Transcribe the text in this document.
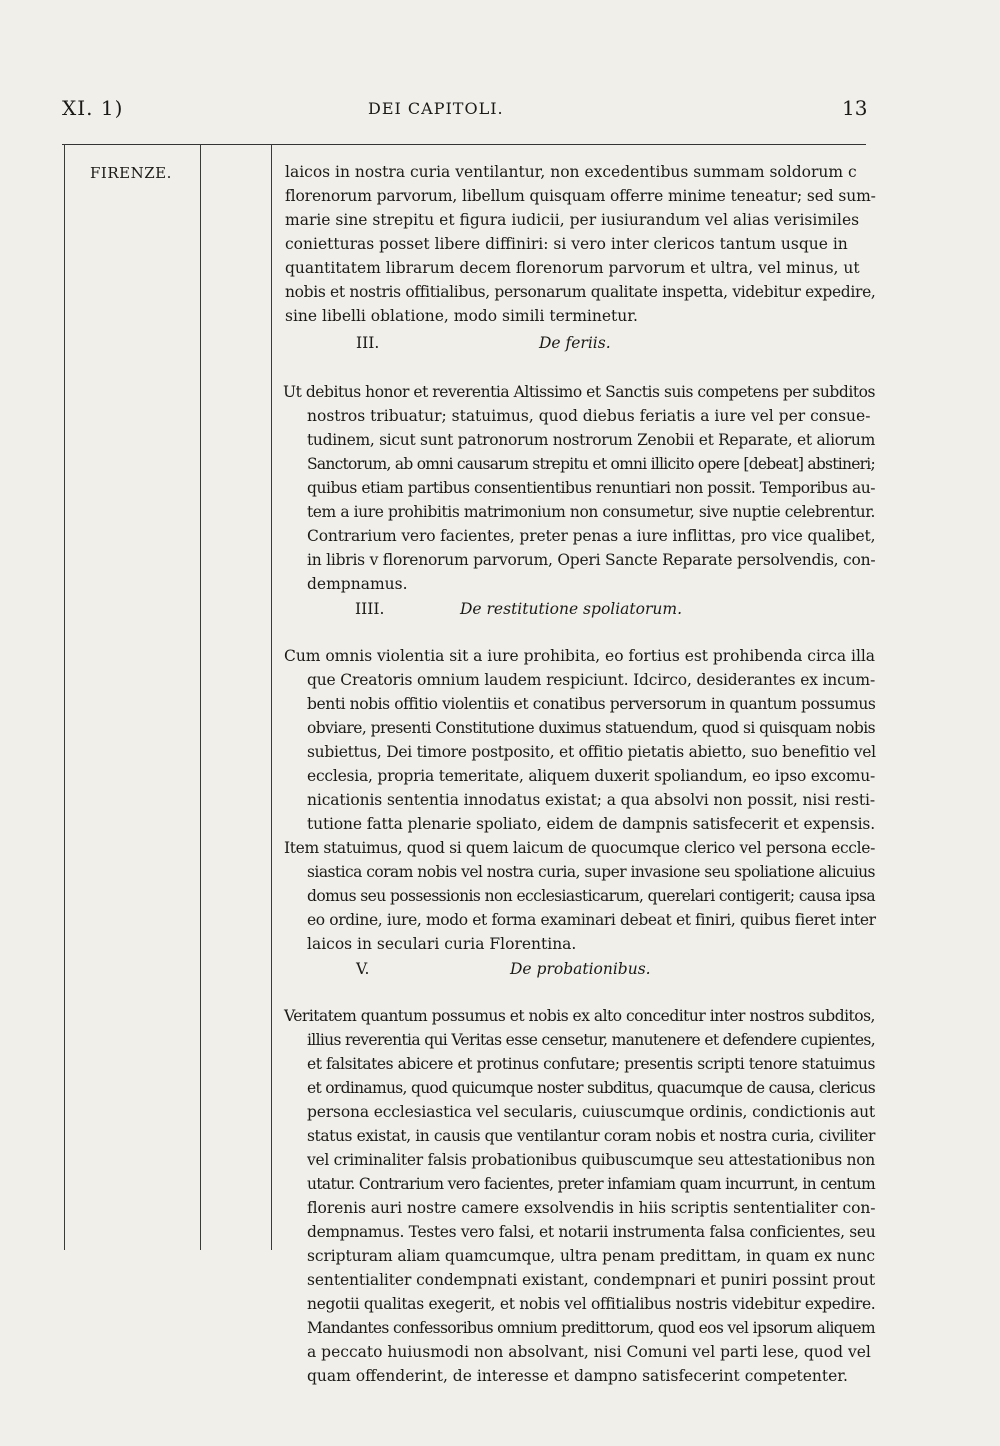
XI. 1)	DEI CAPITOLI.	13
FIRENZE.	laicos in nostra curia ventilantur, non excedentibus summam soldorum c
florenorum parvorum, libellum quisquam offerre minime teneatur; sed sum-
marie sine strepitu et figura iudicii, per iusiurandum vel alias verisimiles
conietturas posset libere diffiniri: si vero inter clericos tantum usque in
quantitatem librarum decem florenorum parvorum et ultra, vel minus, ut
nobis et nostris offitialibus, personarum qualitate inspetta, videbitur expedire,
sine libelli oblatione, modo simili terminetur.
III.	De feriis.
Ut debitus honor et reverentia Altissimo et Sanctis suis competens per subditos
nostros tribuatur; statuimus, quod diebus feriatis a iure vel per consue-
tudinem, sicut sunt patronorum nostrorum Zenobii et Reparate, et aliorum
Sanctorum, ab omni causarum strepitu et omni illicito opere [debeat] abstineri;
quibus etiam partibus consentientibus renuntiari non possit. Temporibus au-
tem a iure prohibitis matrimonium non consumetur, sive nuptie celebrentur.
Contrarium vero facientes, preter penas a iure inflittas, pro vice qualibet,
in libris v florenorum parvorum, Operi Sancte Reparate persolvendis, con-
dempnamus.
IIII.	De restitutione spoliatorum.
Cum omnis violentia sit a iure prohibita, eo fortius est prohibenda circa illa
que Creatoris omnium laudem respiciunt. Idcirco, desiderantes ex incum-
benti nobis offitio violentiis et conatibus perversorum in quantum possumus
obviare, presenti Constitutione duximus statuendum, quod si quisquam nobis
subiettus, Dei timore postposito, et offitio pietatis abietto, suo benefitio vel
ecclesia, propria temeritate, aliquem duxerit spoliandum, eo ipso excomu-
nicationis sententia innodatus existat; a qua absolvi non possit, nisi resti-
tutione fatta plenarie spoliato, eidem de dampnis satisfecerit et expensis.
Item statuimus, quod si quem laicum de quocumque clerico vel persona eccle-
siastica coram nobis vel nostra curia, super invasione seu spoliatione alicuius
domus seu possessionis non ecclesiasticarum, querelari contigerit; causa ipsa
eo ordine, iure, modo et forma examinari debeat et finiri, quibus fieret inter
laicos in seculari curia Florentina.
V.	De probationibus.
Veritatem quantum possumus et nobis ex alto conceditur inter nostros subditos,
illius reverentia qui Veritas esse censetur, manutenere et defendere cupientes,
et falsitates abicere et protinus confutare; presentis scripti tenore statuimus
et ordinamus, quod quicumque noster subditus, quacumque de causa, clericus
persona ecclesiastica vel secularis, cuiuscumque ordinis, condictionis aut
status existat, in causis que ventilantur coram nobis et nostra curia, civiliter
vel criminaliter falsis probationibus quibuscumque seu attestationibus non
utatur. Contrarium vero facientes, preter infamiam quam incurrunt, in centum
florenis auri nostre camere exsolvendis in hiis scriptis sententialiter con-
dempnamus. Testes vero falsi, et notarii instrumenta falsa conficientes, seu
scripturam aliam quamcumque, ultra penam predittam, in quam ex nunc
sententialiter condempnati existant, condempnari et puniri possint prout
negotii qualitas exegerit, et nobis vel offitialibus nostris videbitur expedire.
Mandantes confessoribus omnium predittorum, quod eos vel ipsorum aliquem
a peccato huiusmodi non absolvant, nisi Comuni vel parti lese, quod vel
quam offenderint, de interesse et dampno satisfecerint competenter.
